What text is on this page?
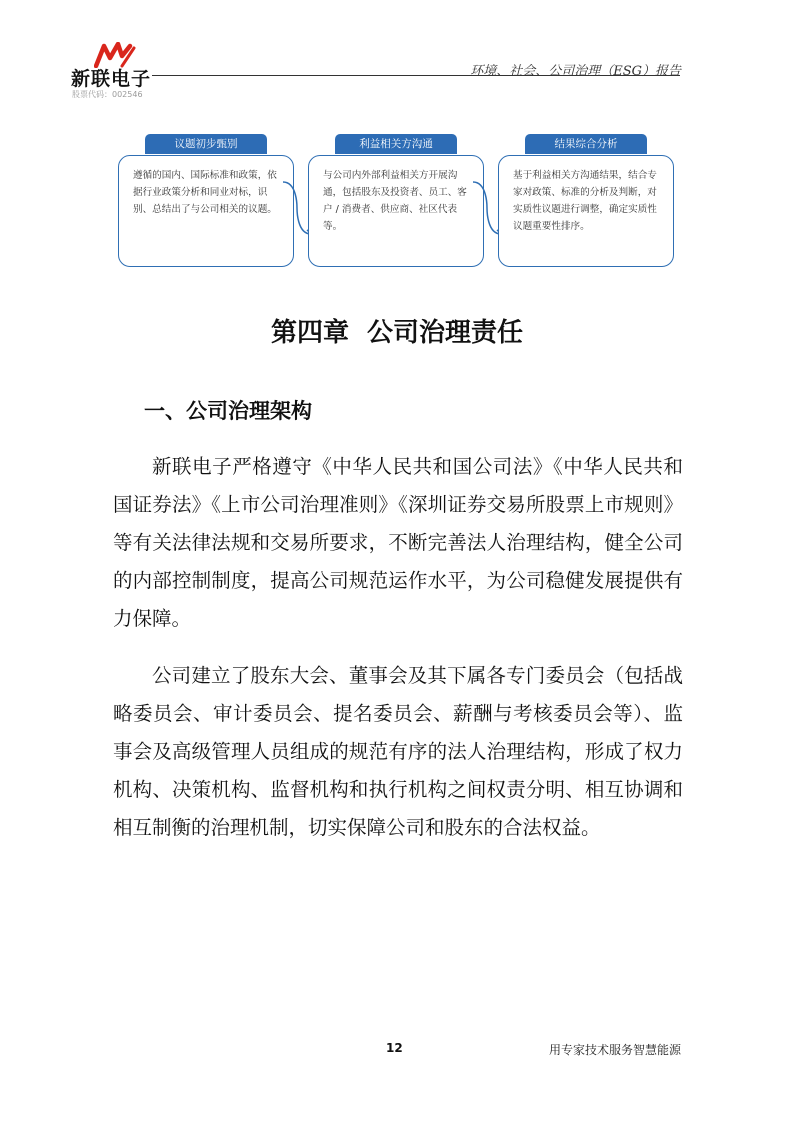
新联电子
股票代码：002546
环境、社会、公司治理（ESG）报告
议题初步甄别
遵循的国内、国际标准和政策，依据行业政策分析和同业对标，识别、总结出了与公司相关的议题。
利益相关方沟通
与公司内外部利益相关方开展沟通，包括股东及投资者、员工、客户 / 消费者、供应商、社区代表等。
结果综合分析
基于利益相关方沟通结果，结合专家对政策、标准的分析及判断，对实质性议题进行调整，确定实质性议题重要性排序。
第四章  公司治理责任
一、公司治理架构

新联电子严格遵守《中华人民共和国公司法》《中华人民共和国证券法》《上市公司治理准则》《深圳证券交易所股票上市规则》等有关法律法规和交易所要求，不断完善法人治理结构，健全公司的内部控制制度，提高公司规范运作水平，为公司稳健发展提供有力保障。

公司建立了股东大会、董事会及其下属各专门委员会（包括战略委员会、审计委员会、提名委员会、薪酬与考核委员会等）、监事会及高级管理人员组成的规范有序的法人治理结构，形成了权力机构、决策机构、监督机构和执行机构之间权责分明、相互协调和相互制衡的治理机制，切实保障公司和股东的合法权益。

12	用专家技术服务智慧能源
